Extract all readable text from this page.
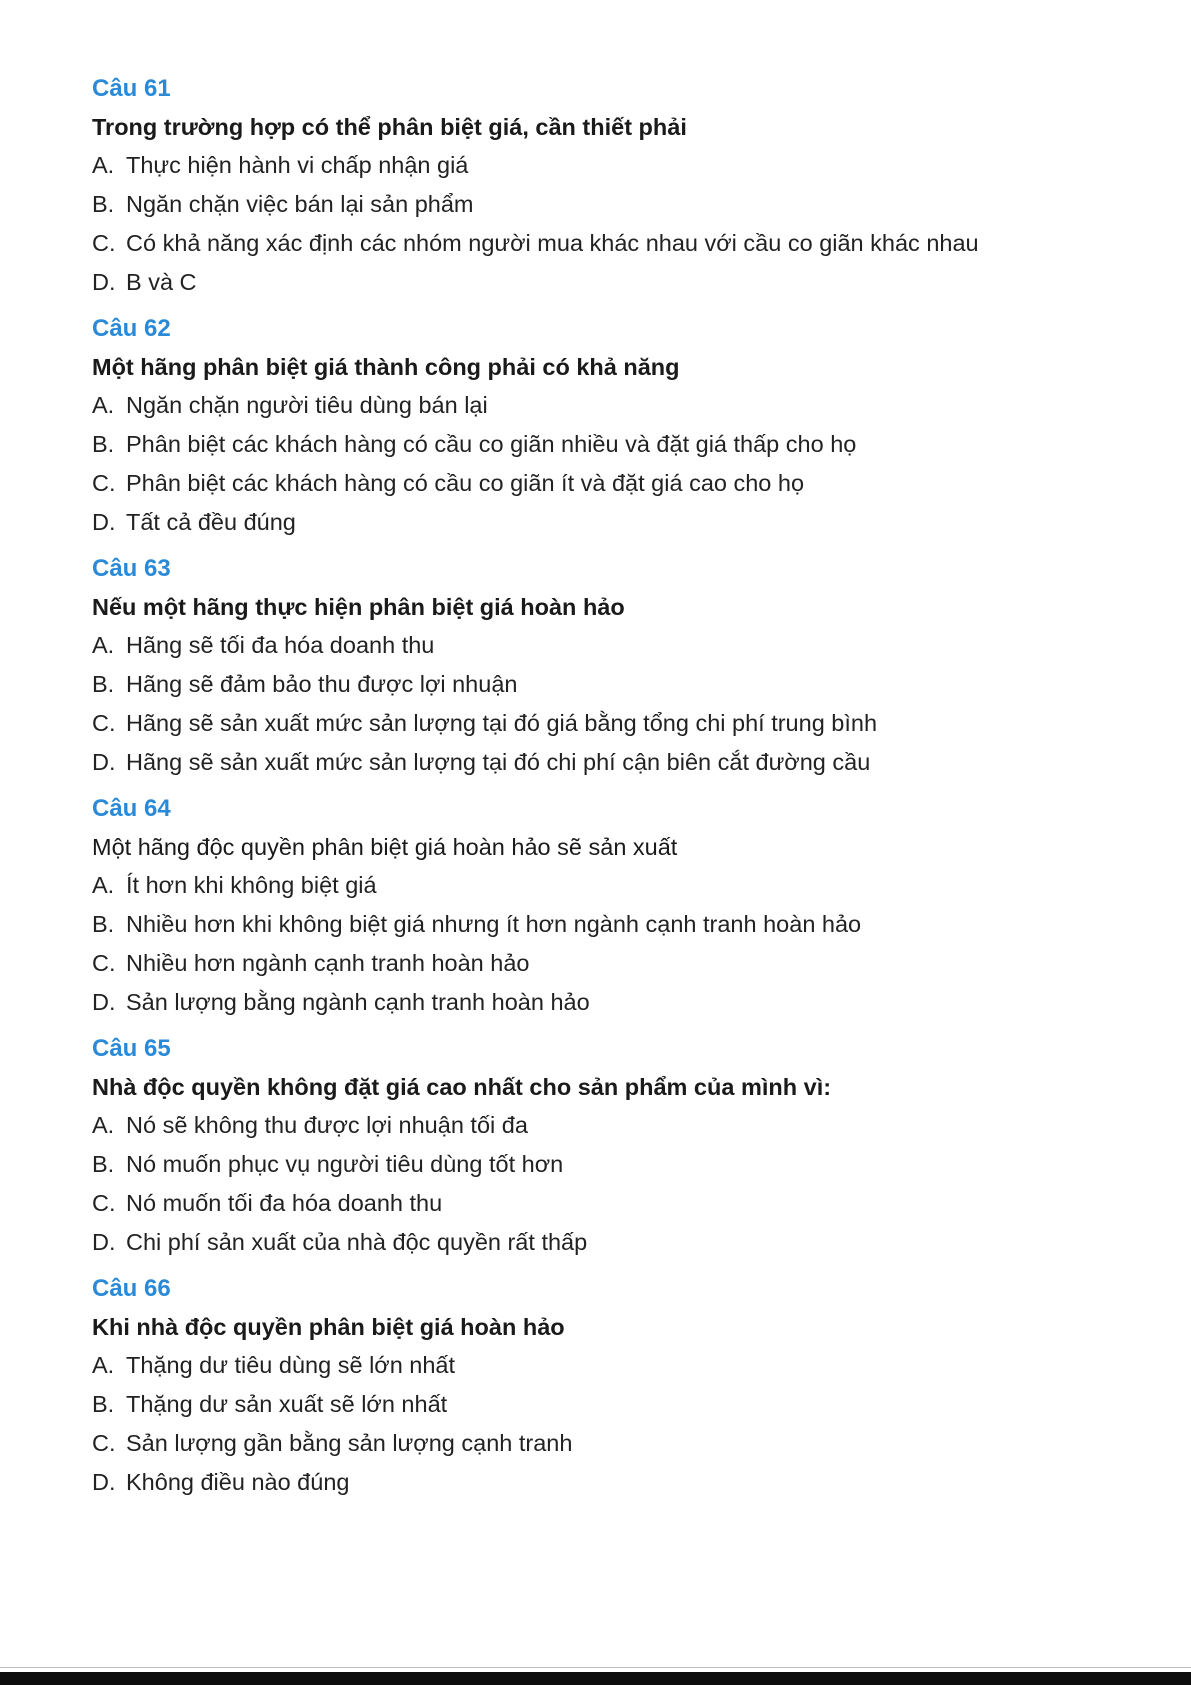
Câu 61
Trong trường hợp có thể phân biệt giá, cần thiết phải
A. Thực hiện hành vi chấp nhận giá
B. Ngăn chặn việc bán lại sản phẩm
C. Có khả năng xác định các nhóm người mua khác nhau với cầu co giãn khác nhau
D. B và C
Câu 62
Một hãng phân biệt giá thành công phải có khả năng
A. Ngăn chặn người tiêu dùng bán lại
B. Phân biệt các khách hàng có cầu co giãn nhiều và đặt giá thấp cho họ
C. Phân biệt các khách hàng có cầu co giãn ít và đặt giá cao cho họ
D. Tất cả đều đúng
Câu 63
Nếu một hãng thực hiện phân biệt giá hoàn hảo
A. Hãng sẽ tối đa hóa doanh thu
B. Hãng sẽ đảm bảo thu được lợi nhuận
C. Hãng sẽ sản xuất mức sản lượng tại đó giá bằng tổng chi phí trung bình
D. Hãng sẽ sản xuất mức sản lượng tại đó chi phí cận biên cắt đường cầu
Câu 64
Một hãng độc quyền phân biệt giá hoàn hảo sẽ sản xuất
A. Ít hơn khi không biệt giá
B. Nhiều hơn khi không biệt giá nhưng ít hơn ngành cạnh tranh hoàn hảo
C. Nhiều hơn ngành cạnh tranh hoàn hảo
D. Sản lượng bằng ngành cạnh tranh hoàn hảo
Câu 65
Nhà độc quyền không đặt giá cao nhất cho sản phẩm của mình vì:
A. Nó sẽ không thu được lợi nhuận tối đa
B. Nó muốn phục vụ người tiêu dùng tốt hơn
C. Nó muốn tối đa hóa doanh thu
D. Chi phí sản xuất của nhà độc quyền rất thấp
Câu 66
Khi nhà độc quyền phân biệt giá hoàn hảo
A. Thặng dư tiêu dùng sẽ lớn nhất
B. Thặng dư sản xuất sẽ lớn nhất
C. Sản lượng gần bằng sản lượng cạnh tranh
D. Không điều nào đúng
